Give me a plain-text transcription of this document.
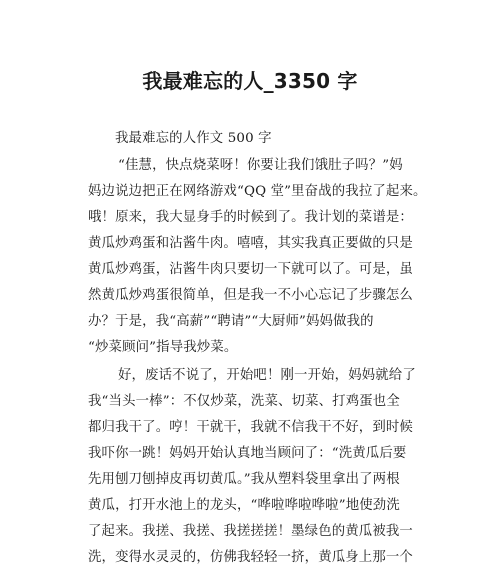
我最难忘的人_3350 字
我最难忘的人作文 500 字
“佳慧，快点烧菜呀！你要让我们饿肚子吗？”妈
妈边说边把正在网络游戏“QQ 堂”里奋战的我拉了起来。
哦！原来，我大显身手的时候到了。我计划的菜谱是：
黄瓜炒鸡蛋和沾酱牛肉。嘻嘻，其实我真正要做的只是
黄瓜炒鸡蛋，沾酱牛肉只要切一下就可以了。可是，虽
然黄瓜炒鸡蛋很简单，但是我一不小心忘记了步骤怎么
办？于是，我“高薪”“聘请”“大厨师”妈妈做我的
“炒菜顾问”指导我炒菜。
好，废话不说了，开始吧！刚一开始，妈妈就给了
我“当头一棒”：不仅炒菜，洗菜、切菜、打鸡蛋也全
都归我干了。哼！干就干，我就不信我干不好，到时候
我吓你一跳！妈妈开始认真地当顾问了：“洗黄瓜后要
先用刨刀刨掉皮再切黄瓜。”我从塑料袋里拿出了两根
黄瓜，打开水池上的龙头，“哗啦哗啦哗啦”地使劲洗
了起来。我搓、我搓、我搓搓搓！墨绿色的黄瓜被我一
洗，变得水灵灵的，仿佛我轻轻一挤，黄瓜身上那一个
